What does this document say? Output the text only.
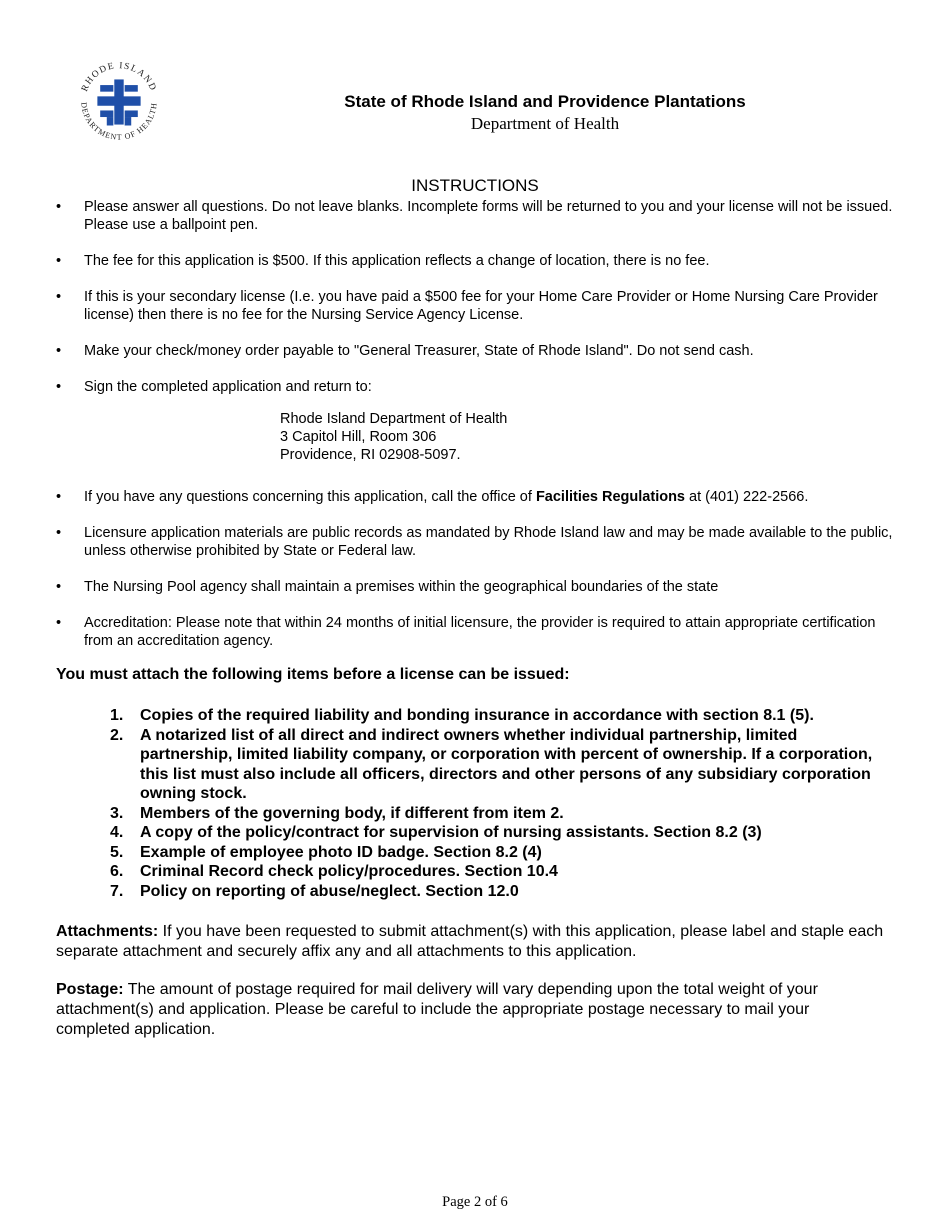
RHODE ISLAND
DEPARTMENT OF HEALTH	State of Rhode Island and Providence Plantations
Department of Health
INSTRUCTIONS
• Please answer all questions. Do not leave blanks. Incomplete forms will be returned to you and your license will not be issued. Please use a ballpoint pen.
• The fee for this application is $500. If this application reflects a change of location, there is no fee.
• If this is your secondary license (I.e. you have paid a $500 fee for your Home Care Provider or Home Nursing Care Provider license) then there is no fee for the Nursing Service Agency License.
• Make your check/money order payable to "General Treasurer, State of Rhode Island". Do not send cash.
• Sign the completed application and return to:
• If you have any questions concerning this application, call the office of Facilities Regulations at (401) 222-2566.
• Licensure application materials are public records as mandated by Rhode Island law and may be made available to the public, unless otherwise prohibited by State or Federal law.
• The Nursing Pool agency shall maintain a premises within the geographical boundaries of the state
• Accreditation: Please note that within 24 months of initial licensure, the provider is required to attain appropriate certification from an accreditation agency.
Rhode Island Department of Health
3 Capitol Hill, Room 306
Providence, RI 02908-5097.
You must attach the following items before a license can be issued:
1. Copies of the required liability and bonding insurance in accordance with section 8.1 (5).
2. A notarized list of all direct and indirect owners whether individual partnership, limited partnership, limited liability company, or corporation with percent of ownership. If a corporation, this list must also include all officers, directors and other persons of any subsidiary corporation owning stock.
3. Members of the governing body, if different from item 2.
4. A copy of the policy/contract for supervision of nursing assistants. Section 8.2 (3)
5. Example of employee photo ID badge. Section 8.2 (4)
6. Criminal Record check policy/procedures. Section 10.4
7. Policy on reporting of abuse/neglect. Section 12.0
Attachments: If you have been requested to submit attachment(s) with this application, please label and staple each separate attachment and securely affix any and all attachments to this application.
Postage: The amount of postage required for mail delivery will vary depending upon the total weight of your attachment(s) and application. Please be careful to include the appropriate postage necessary to mail your completed application.
Page 2 of 6
